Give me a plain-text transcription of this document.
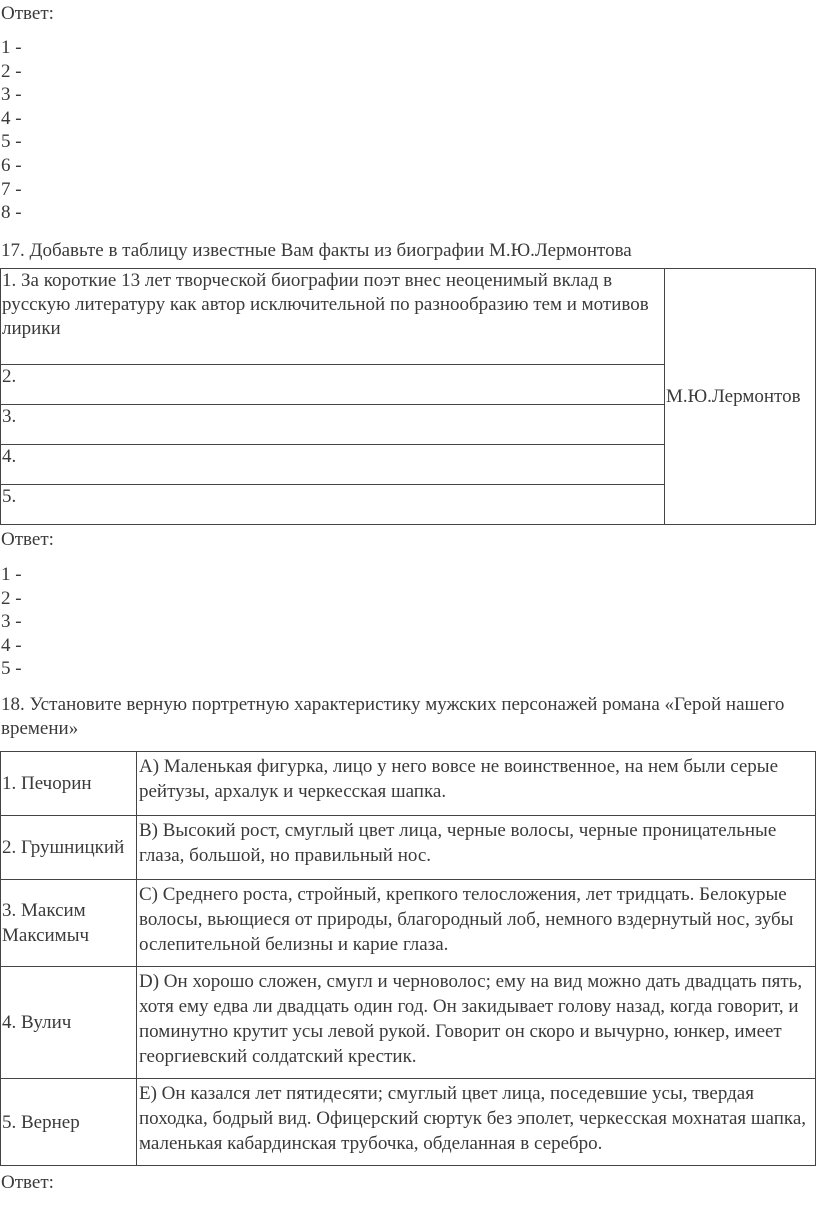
Ответ:
1 -
2 -
3 -
4 -
5 -
6 -
7 -
8 -
17. Добавьте в таблицу известные Вам факты из биографии М.Ю.Лермонтова
1. За короткие 13 лет творческой биографии поэт внес неоценимый вклад в русскую литературу как автор исключительной по разнообразию тем и мотивов лирики	М.Ю.Лермонтов
2.
3.
4.
5.
Ответ:
1 -
2 -
3 -
4 -
5 -
18. Установите верную портретную характеристику мужских персонажей романа «Герой нашего времени»
1. Печорин	А) Маленькая фигурка, лицо у него вовсе не воинственное, на нем были серые рейтузы, архалук и черкесская шапка.
2. Грушницкий	В) Высокий рост, смуглый цвет лица, черные волосы, черные проницательные глаза, большой, но правильный нос.
3. Максим Максимыч	С) Среднего роста, стройный, крепкого телосложения, лет тридцать. Белокурые волосы, вьющиеся от природы, благородный лоб, немного вздернутый нос, зубы ослепительной белизны и карие глаза.
4. Вулич	D) Он хорошо сложен, смугл и черноволос; ему на вид можно дать двадцать пять, хотя ему едва ли двадцать один год. Он закидывает голову назад, когда говорит, и поминутно крутит усы левой рукой. Говорит он скоро и вычурно, юнкер, имеет георгиевский солдатский крестик.
5. Вернер	Е) Он казался лет пятидесяти; смуглый цвет лица, поседевшие усы, твердая походка, бодрый вид. Офицерский сюртук без эполет, черкесская мохнатая шапка, маленькая кабардинская трубочка, обделанная в серебро.
Ответ:
